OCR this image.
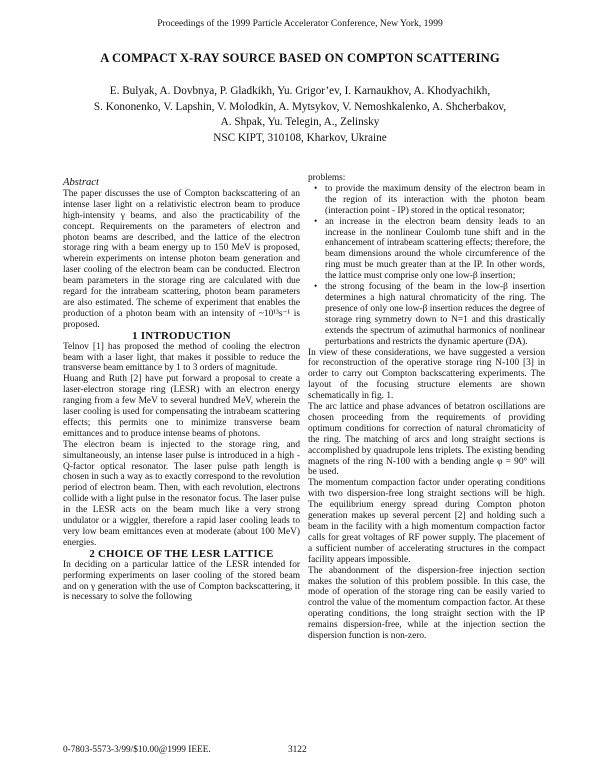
Proceedings of the 1999 Particle Accelerator Conference, New York, 1999
A COMPACT X-RAY SOURCE BASED ON COMPTON SCATTERING
E. Bulyak, A. Dovbnya, P. Gladkikh, Yu. Grigor’ev, I. Karnaukhov, A. Khodyachikh,
S. Kononenko, V. Lapshin, V. Molodkin, A. Mytsykov, V. Nemoshkalenko, A. Shcherbakov,
A. Shpak, Yu. Telegin, A., Zelinsky
NSC KIPT, 310108, Kharkov, Ukraine

Abstract

The paper discusses the use of Compton backscattering of an intense laser light on a relativistic electron beam to produce high-intensity γ beams, and also the practicability of the concept. Requirements on the parameters of electron and photon beams are described, and the lattice of the electron storage ring with a beam energy up to 150 MeV is proposed, wherein experiments on intense photon beam generation and laser cooling of the electron beam can be conducted. Electron beam parameters in the storage ring are calculated with due regard for the intrabeam scattering, photon beam parameters are also estimated. The scheme of experiment that enables the production of a photon beam with an intensity of ~10¹³s⁻¹ is proposed.

1 INTRODUCTION

Telnov [1] has proposed the method of cooling the electron beam with a laser light, that makes it possible to reduce the transverse beam emittance by 1 to 3 orders of magnitude.

Huang and Ruth [2] have put forward a proposal to create a laser-electron storage ring (LESR) with an electron energy ranging from a few MeV to several hundred MeV, wherein the laser cooling is used for compensating the intrabeam scattering effects; this permits one to minimize transverse beam emittances and to produce intense beams of photons.

The electron beam is injected to the storage ring, and simultaneously, an intense laser pulse is introduced in a high - Q-factor optical resonator. The laser pulse path length is chosen in such a way as to exactly correspond to the revolution period of electron beam. Then, with each revolution, electrons collide with a light pulse in the resonator focus. The laser pulse in the LESR acts on the beam much like a very strong undulator or a wiggler, therefore a rapid laser cooling leads to very low beam emittances even at moderate (about 100 MeV) energies.

2 CHOICE OF THE LESR LATTICE

In deciding on a particular lattice of the LESR intended for performing experiments on laser cooling of the stored beam and on γ generation with the use of Compton backscattering, it is necessary to solve the following

problems:

• to provide the maximum density of the electron beam in the region of its interaction with the photon beam (interaction point - IP) stored in the optical resonator;
• an increase in the electron beam density leads to an increase in the nonlinear Coulomb tune shift and in the enhancement of intrabeam scattering effects; therefore, the beam dimensions around the whole circumference of the ring must be much greater than at the IP. In other words, the lattice must comprise only one low-β insertion;
• the strong focusing of the beam in the low-β insertion determines a high natural chromaticity of the ring. The presence of only one low-β insertion reduces the degree of storage ring symmetry down to N=1 and this drastically extends the spectrum of azimuthal harmonics of nonlinear perturbations and restricts the dynamic aperture (DA).

In view of these considerations, we have suggested a version for reconstruction of the operative storage ring N-100 [3] in order to carry out Compton backscattering experiments. The layout of the focusing structure elements are shown schematically in fig. 1.

The arc lattice and phase advances of betatron oscillations are chosen proceeding from the requirements of providing optimum conditions for correction of natural chromaticity of the ring. The matching of arcs and long straight sections is accomplished by quadrupole lens triplets. The existing bending magnets of the ring N-100 with a bending angle φ = 90° will be used.

The momentum compaction factor under operating conditions with two dispersion-free long straight sections will be high. The equilibrium energy spread during Compton photon generation makes up several percent [2] and holding such a beam in the facility with a high momentum compaction factor calls for great voltages of RF power supply. The placement of a sufficient number of accelerating structures in the compact facility appears impossible.

The abandonment of the dispersion-free injection section makes the solution of this problem possible. In this case, the mode of operation of the storage ring can be easily varied to control the value of the momentum compaction factor. At these operating conditions, the long straight section with the IP remains dispersion-free, while at the injection section the dispersion function is non-zero.

0-7803-5573-3/99/$10.00@1999 IEEE.	3122
